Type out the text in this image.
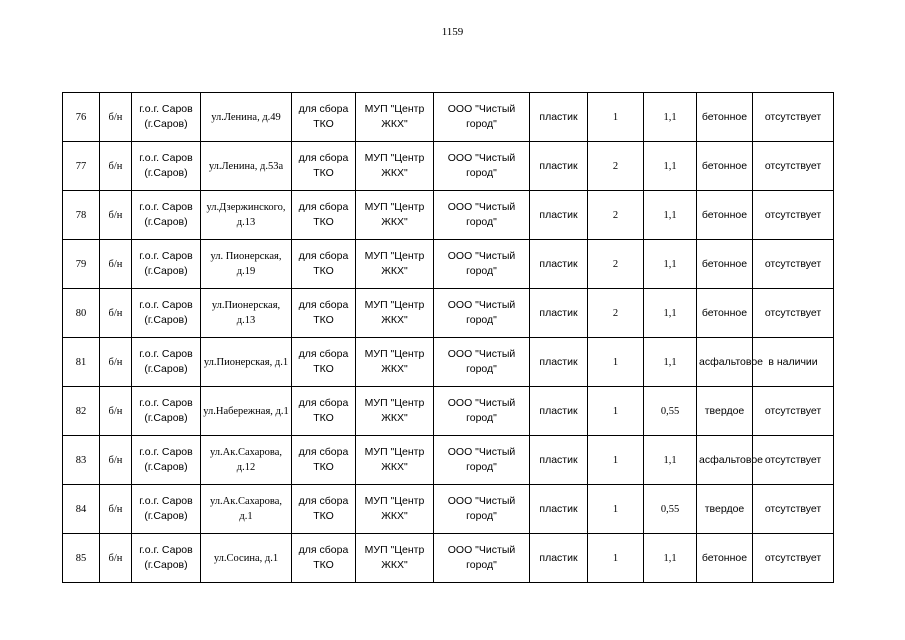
1159
76	б/н	г.о.г. Саров (г.Саров)	ул.Ленина, д.49	для сбора ТКО	МУП "Центр ЖКХ"	ООО "Чистый город"	пластик	1	1,1	бетонное	отсутствует
77	б/н	г.о.г. Саров (г.Саров)	ул.Ленина, д.53а	для сбора ТКО	МУП "Центр ЖКХ"	ООО "Чистый город"	пластик	2	1,1	бетонное	отсутствует
78	б/н	г.о.г. Саров (г.Саров)	ул.Дзержинского, д.13	для сбора ТКО	МУП "Центр ЖКХ"	ООО "Чистый город"	пластик	2	1,1	бетонное	отсутствует
79	б/н	г.о.г. Саров (г.Саров)	ул. Пионерская, д.19	для сбора ТКО	МУП "Центр ЖКХ"	ООО "Чистый город"	пластик	2	1,1	бетонное	отсутствует
80	б/н	г.о.г. Саров (г.Саров)	ул.Пионерская, д.13	для сбора ТКО	МУП "Центр ЖКХ"	ООО "Чистый город"	пластик	2	1,1	бетонное	отсутствует
81	б/н	г.о.г. Саров (г.Саров)	ул.Пионерская, д.1	для сбора ТКО	МУП "Центр ЖКХ"	ООО "Чистый город"	пластик	1	1,1	асфальтовое	в наличии
82	б/н	г.о.г. Саров (г.Саров)	ул.Набережная, д.1	для сбора ТКО	МУП "Центр ЖКХ"	ООО "Чистый город"	пластик	1	0,55	твердое	отсутствует
83	б/н	г.о.г. Саров (г.Саров)	ул.Ак.Сахарова, д.12	для сбора ТКО	МУП "Центр ЖКХ"	ООО "Чистый город"	пластик	1	1,1	асфальтовое	отсутствует
84	б/н	г.о.г. Саров (г.Саров)	ул.Ак.Сахарова, д.1	для сбора ТКО	МУП "Центр ЖКХ"	ООО "Чистый город"	пластик	1	0,55	твердое	отсутствует
85	б/н	г.о.г. Саров (г.Саров)	ул.Сосина, д.1	для сбора ТКО	МУП "Центр ЖКХ"	ООО "Чистый город"	пластик	1	1,1	бетонное	отсутствует
